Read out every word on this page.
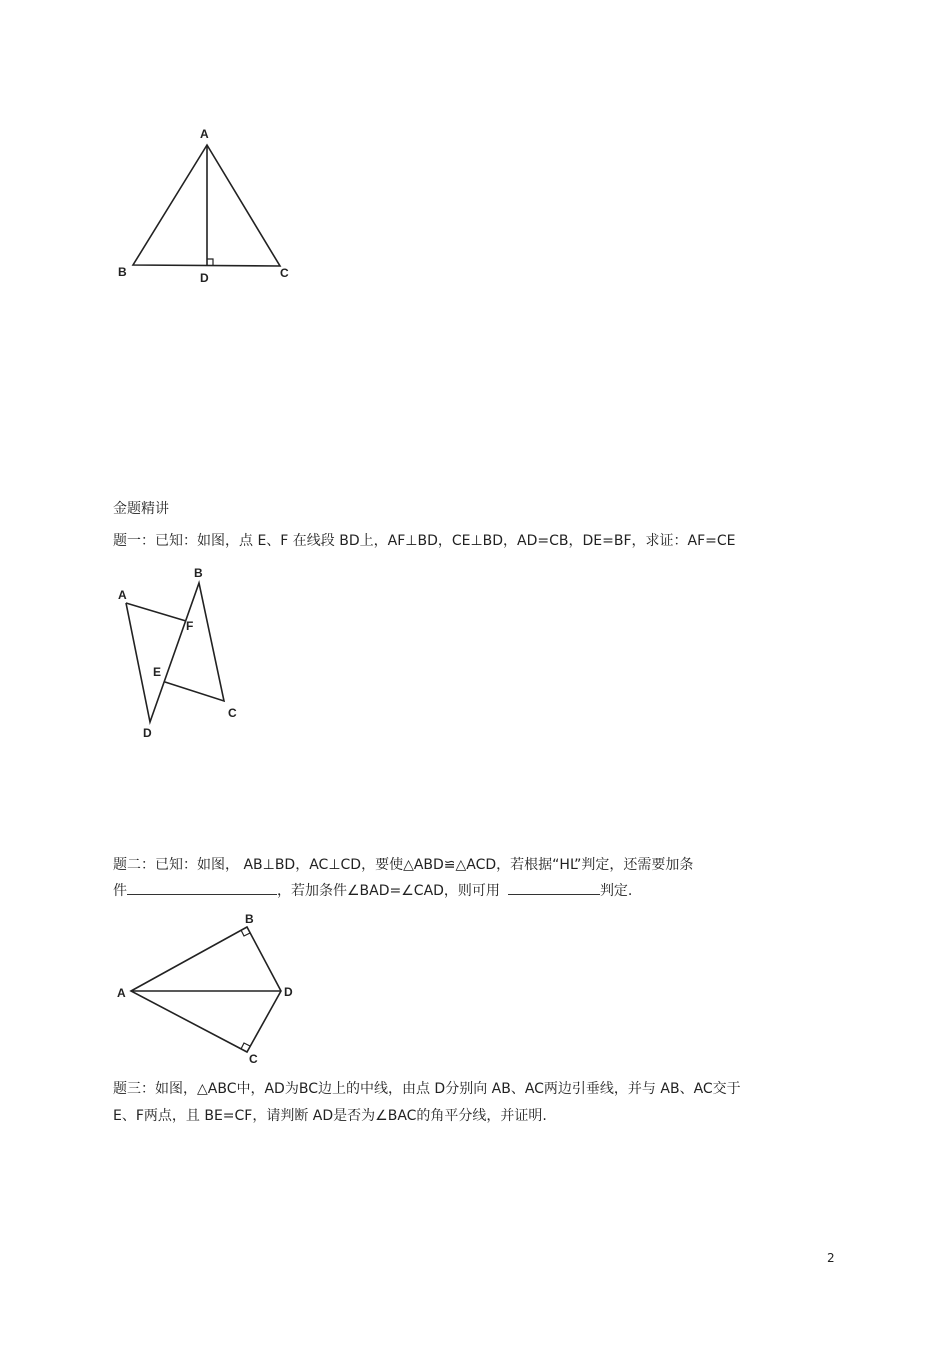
A
B	C
D
金题精讲
题一：已知：如图，点 E、F 在线段 BD上，AF⊥BD，CE⊥BD，AD=CB，DE=BF，求证：AF=CE
A
B
F
E
C
D
题二：已知：如图， AB⊥BD，AC⊥CD，要使△ABD≌△ACD，若根据“HL”判定，还需要加条
件	，若加条件∠BAD=∠CAD，则可用	判定.
B
A	D
C
题三：如图，△ABC中，AD为BC边上的中线，由点 D分别向 AB、AC两边引垂线，并与 AB、AC交于
E、F两点，且 BE=CF，请判断 AD是否为∠BAC的角平分线，并证明.
2
